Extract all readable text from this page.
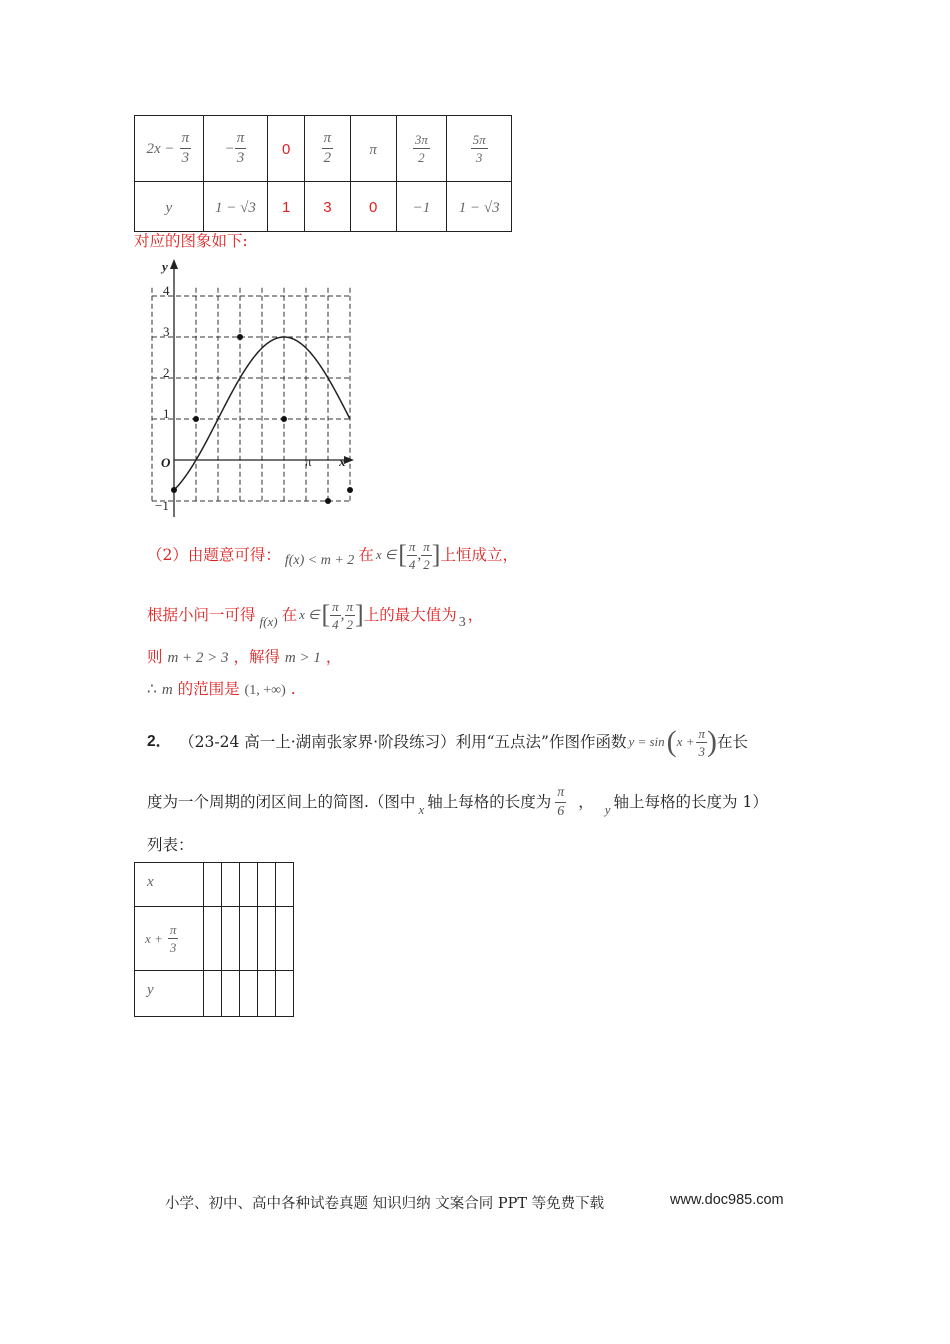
$2x - \frac{\pi}{3}$	− $\frac{\pi}{3}$	0	$\frac{\pi}{2}$	π	$\frac{3\pi}{2}$	$\frac{5\pi}{3}$

y	1 − √3	1	3	0	−1	1 − √3
对应的图象如下:
y
x
O	π
4
3
2
1
−1
（2）由题意可得： f(x) < m + 2 在 x ∈ [ $\frac{\pi}{4}$ , $\frac{\pi}{2}$ ] 上恒成立，
根据小问一可得 f(x) 在 x ∈ [ $\frac{\pi}{4}$ , $\frac{\pi}{2}$ ] 上的最大值为 3 ，
则 m + 2 > 3 ，解得 m > 1 ，
∴ m 的范围是 (1, +∞) .
2． （23-24 高一上·湖南张家界·阶段练习） 利用“五点法”作图作函数 y = sin ( $x + \frac{\pi}{3}$ ) 在长
度为一个周期的闭区间上的简图.（图中 x 轴上每格的长度为 $\frac{\pi}{6}$ ， y 轴上每格的长度为 1）
列表：
x					
$x + \frac{\pi}{3}$

y					
小学、初中、高中各种试卷真题 知识归纳 文案合同 PPT 等免费下载	www.doc985.com
